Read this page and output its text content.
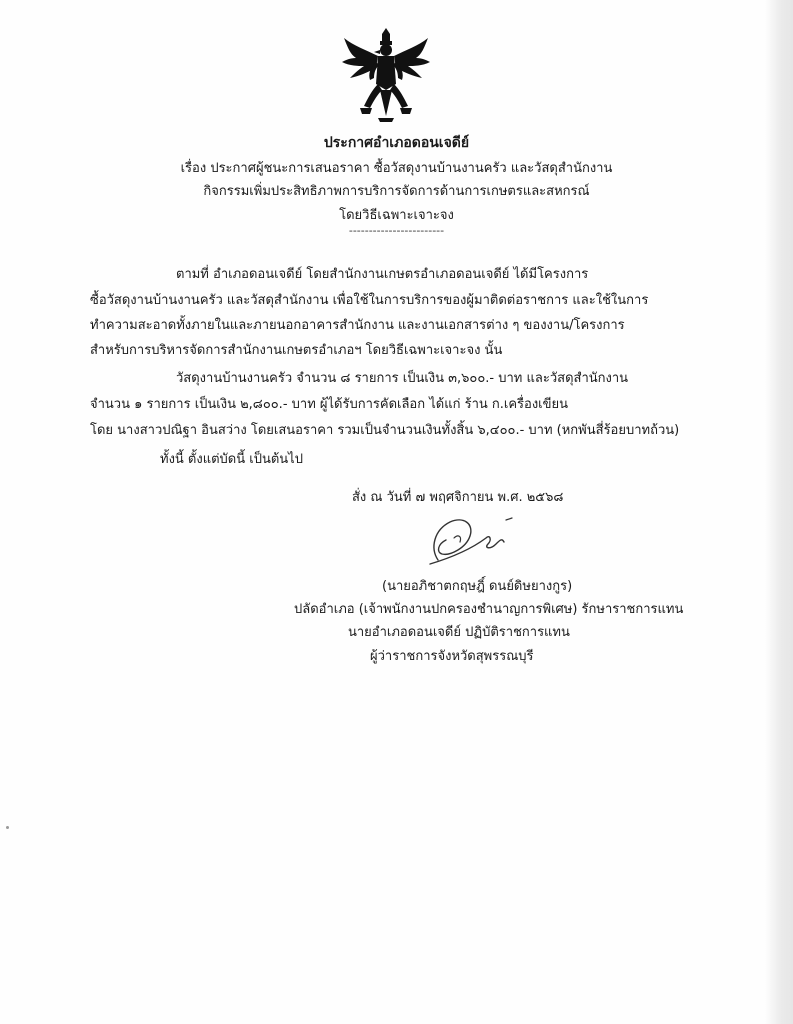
ประกาศอำเภอดอนเจดีย์
เรื่อง ประกาศผู้ชนะการเสนอราคา ซื้อวัสดุงานบ้านงานครัว และวัสดุสำนักงาน
กิจกรรมเพิ่มประสิทธิภาพการบริการจัดการด้านการเกษตรและสหกรณ์
โดยวิธีเฉพาะเจาะจง
------------------------
ตามที่ อำเภอดอนเจดีย์ โดยสำนักงานเกษตรอำเภอดอนเจดีย์ ได้มีโครงการ
ซื้อวัสดุงานบ้านงานครัว และวัสดุสำนักงาน เพื่อใช้ในการบริการของผู้มาติดต่อราชการ และใช้ในการ
ทำความสะอาดทั้งภายในและภายนอกอาคารสำนักงาน และงานเอกสารต่าง ๆ ของงาน/โครงการ
สำหรับการบริหารจัดการสำนักงานเกษตรอำเภอฯ โดยวิธีเฉพาะเจาะจง นั้น
วัสดุงานบ้านงานครัว จำนวน ๘ รายการ เป็นเงิน ๓,๖๐๐.- บาท และวัสดุสำนักงาน
จำนวน ๑ รายการ เป็นเงิน ๒,๘๐๐.- บาท ผู้ได้รับการคัดเลือก ได้แก่ ร้าน ก.เครื่องเขียน
โดย นางสาวปณิฐา อินสว่าง โดยเสนอราคา รวมเป็นจำนวนเงินทั้งสิ้น ๖,๔๐๐.- บาท (หกพันสี่ร้อยบาทถ้วน)
ทั้งนี้ ตั้งแต่บัดนี้ เป็นต้นไป
สั่ง ณ วันที่ ๗ พฤศจิกายน พ.ศ. ๒๕๖๘
(นายอภิชาตกฤษฎิ์ ดนย์ดิษยางกูร)
ปลัดอำเภอ (เจ้าพนักงานปกครองชำนาญการพิเศษ) รักษาราชการแทน
นายอำเภอดอนเจดีย์ ปฏิบัติราชการแทน
ผู้ว่าราชการจังหวัดสุพรรณบุรี
